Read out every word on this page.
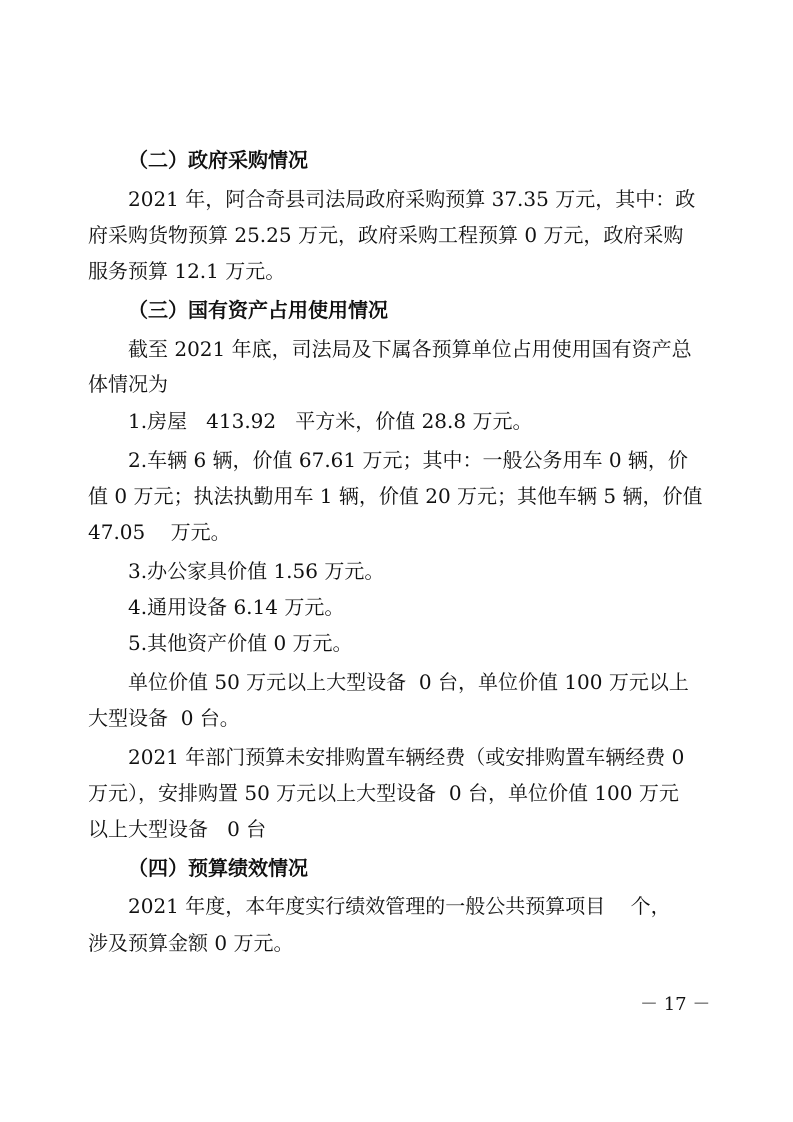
（二）政府采购情况

2021 年，阿合奇县司法局政府采购预算 37.35 万元，其中：政

府采购货物预算 25.25 万元，政府采购工程预算 0 万元，政府采购

服务预算 12.1 万元。

（三）国有资产占用使用情况

截至 2021 年底，司法局及下属各预算单位占用使用国有资产总

体情况为

1.房屋   413.92   平方米，价值 28.8 万元。

2.车辆 6 辆，价值 67.61 万元；其中：一般公务用车 0 辆，价

值 0 万元；执法执勤用车 1 辆，价值 20 万元；其他车辆 5 辆，价值

47.05    万元。

3.办公家具价值 1.56 万元。

4.通用设备 6.14 万元。

5.其他资产价值 0 万元。

单位价值 50 万元以上大型设备  0 台，单位价值 100 万元以上

大型设备  0 台。

2021 年部门预算未安排购置车辆经费（或安排购置车辆经费 0

万元），安排购置 50 万元以上大型设备  0 台，单位价值 100 万元

以上大型设备   0 台

（四）预算绩效情况

2021 年度，本年度实行绩效管理的一般公共预算项目    个，

涉及预算金额 0 万元。

－ 17 －
